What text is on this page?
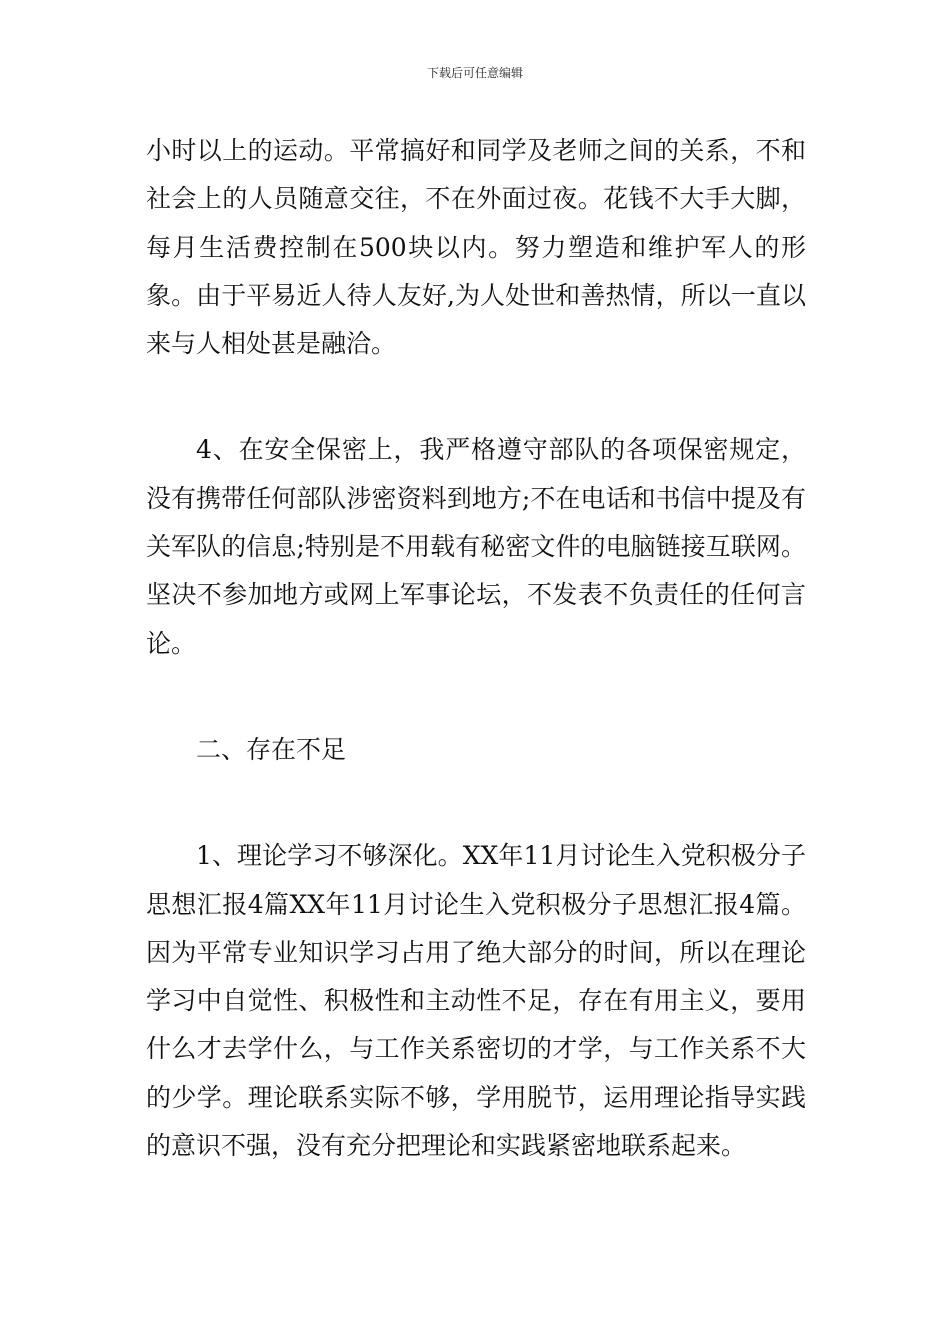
下载后可任意编辑

小时以上的运动。平常搞好和同学及老师之间的关系，不和社会上的人员随意交往，不在外面过夜。花钱不大手大脚，每月生活费控制在500块以内。努力塑造和维护军人的形象。由于平易近人待人友好,为人处世和善热情，所以一直以来与人相处甚是融洽。

4、在安全保密上，我严格遵守部队的各项保密规定，没有携带任何部队涉密资料到地方;不在电话和书信中提及有关军队的信息;特别是不用载有秘密文件的电脑链接互联网。坚决不参加地方或网上军事论坛，不发表不负责任的任何言论。

二、存在不足

1、理论学习不够深化。XX年11月讨论生入党积极分子思想汇报4篇XX年11月讨论生入党积极分子思想汇报4篇。因为平常专业知识学习占用了绝大部分的时间，所以在理论学习中自觉性、积极性和主动性不足，存在有用主义，要用什么才去学什么，与工作关系密切的才学，与工作关系不大的少学。理论联系实际不够，学用脱节，运用理论指导实践的意识不强，没有充分把理论和实践紧密地联系起来。
